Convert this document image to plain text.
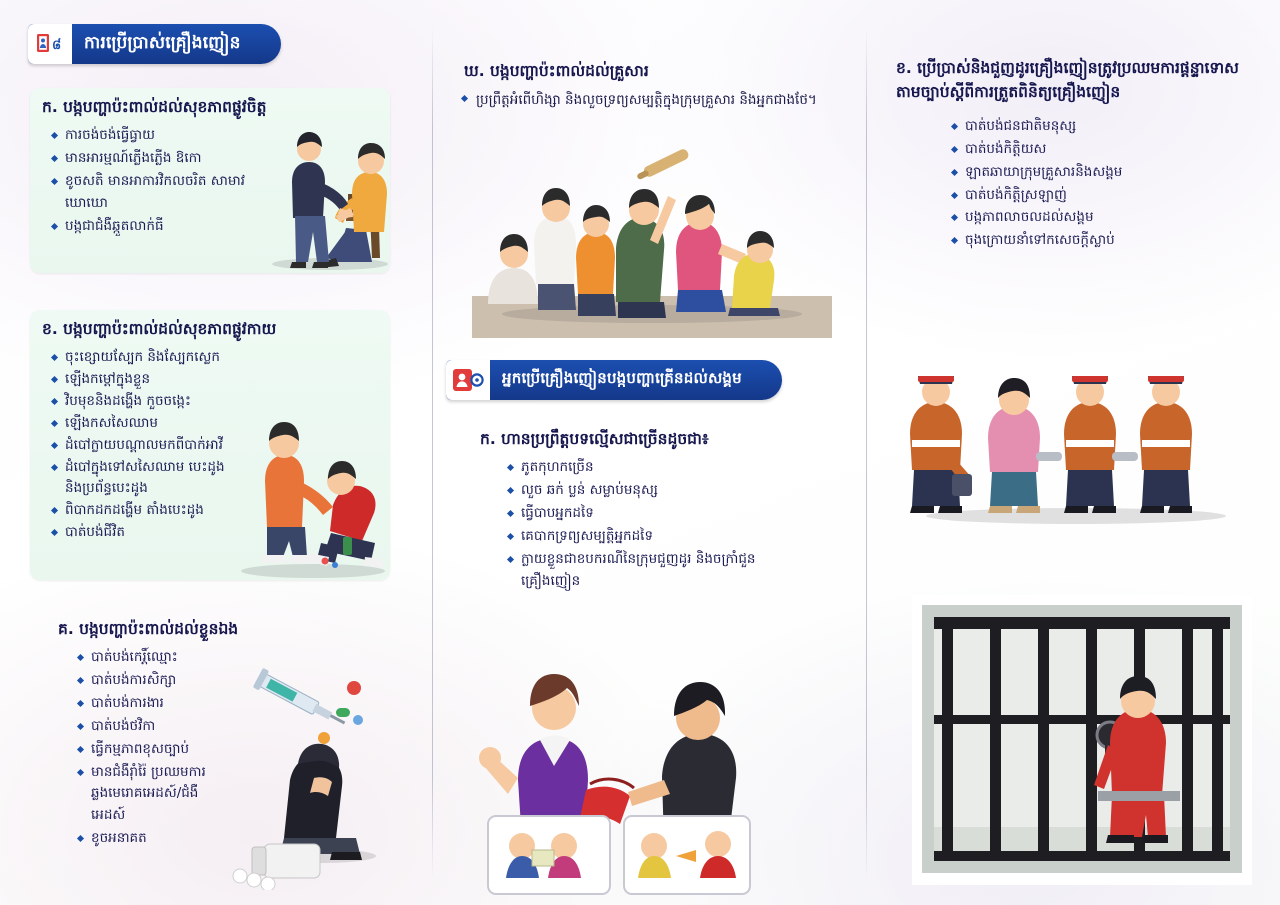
៨	ការប្រើប្រាស់គ្រឿងញៀន
ក. បង្កបញ្ហាប៉ះពាល់ដល់សុខភាពផ្លូវចិត្ត
ការចង់ចង់ធ្វើធ្វាយ
មានអារម្មណ៍ភ្លើងភ្លើង ឱកោ
ខូចសតិ មានអាការវិកលចរិត សាមាវ ឃោឃោ
បង្កជាជំងឺឆ្កួតលាក់ធី
ខ. បង្កបញ្ហាប៉ះពាល់ដល់សុខភាពផ្លូវកាយ
ចុះខ្សោយស្បែក និងស្បែកស្លេក
ឡើងកម្តៅក្នុងខ្លួន
វិបមុខនិងដង្ហើង កួចចង្កេះ
ឡើងកសសៃឈាម
ដំបៅក្លាយបណ្ដាលមកពីបាក់អាវី
ដំបៅក្នុងទៅសសៃឈាម បេះដូង និងប្រព័ន្ធបេះដូង
ពិបាកដកដង្ហើម តាំងបេះដូង
បាត់បង់ជីវិត
គ. បង្កបញ្ហាប៉ះពាល់ដល់ខ្លួនឯង
បាត់បង់កេរ្តិ៍ឈ្មោះ
បាត់បង់ការសិក្សា
បាត់បង់ការងារ
បាត់បង់ថវិកា
ធ្វើកម្មភាពខុសច្បាប់
មានជំងឺរ៉ាំរ៉ៃ ប្រឈមការឆ្លងមេរោគអេដស៍/ជំងឺអេដស៍
ខូចអនាគត
ឃ. បង្កបញ្ហាប៉ះពាល់ដល់គ្រួសារ
ប្រព្រឹត្តអំពើហិង្សា និងលួចទ្រព្យសម្បត្តិក្នុងក្រុមគ្រួសារ និងអ្នកជាងថែ។
អ្នកប្រើគ្រឿងញៀនបង្កបញ្ហាគ្រើនដល់សង្គម
ក. ហានប្រព្រឹត្តបទល្មើសជាច្រើនដូចជា៖
ភូតកុហកច្រើន
លួច ឆក់ ប្លន់ សម្លាប់មនុស្ស
ធ្វើបាបអ្នកដទៃ
គេបាកទ្រព្យសម្បត្តិអ្នកដទៃ
ក្លាយខ្លួនជាខបករណីនៃក្រុមជួញដូរ និងចក្រាំជួនគ្រឿងញៀន
ខ. ប្រើប្រាស់និងជួញដូរគ្រឿងញៀនត្រូវប្រឈមការផ្តន្ទាទោសតាមច្បាប់ស្តីពីការត្រួតពិនិត្យគ្រឿងញៀន
បាត់បង់ជនជាតិមនុស្ស
បាត់បង់កិត្តិយស
ឡាតឆាយាក្រុមគ្រួសារនិងសង្គម
បាត់បង់កិត្តិស្រឡាញ់
បង្កភាពលាចលដល់សង្គម
ចុងក្រោយនាំទៅកសេចក្តីស្លាប់
